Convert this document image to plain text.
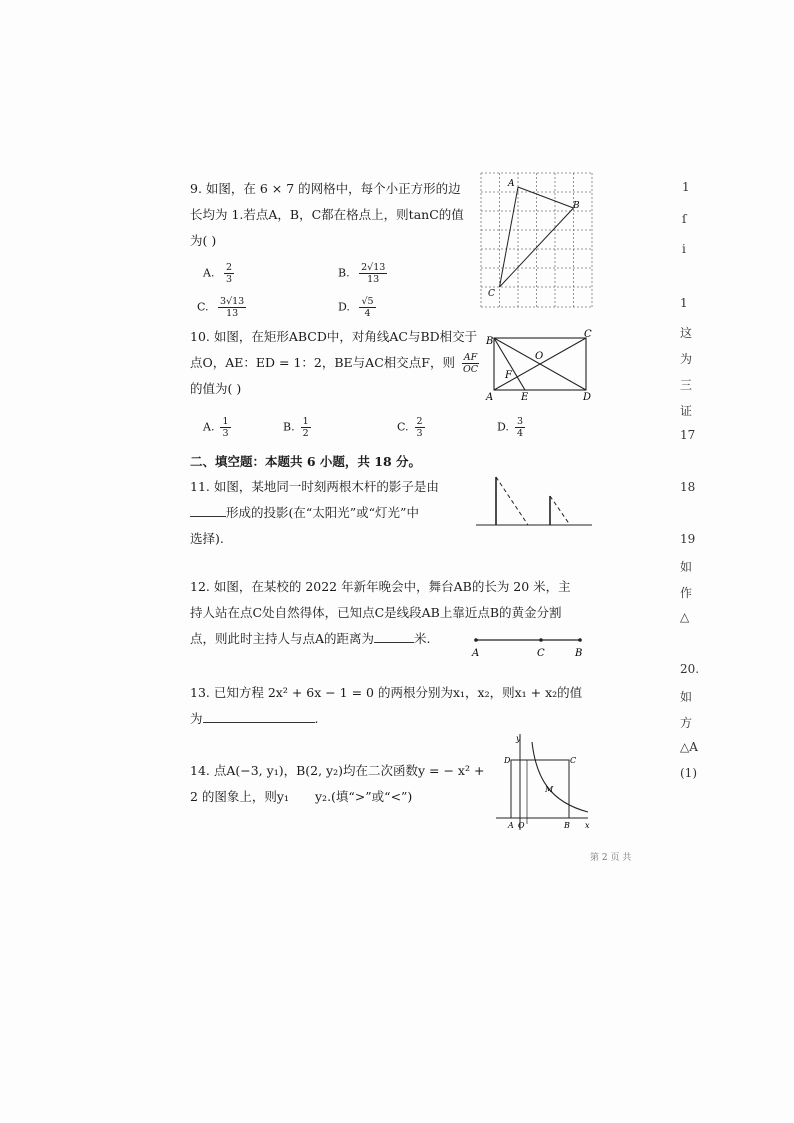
9. 如图，在 6 × 7 的网格中，每个小正方形的边

长均为 1.若点A，B，C都在格点上，则tanC的值

为( )

A. $\frac{2}{3}$	B. $\frac{2√13}{13}$
C. $\frac{3√13}{13}$	D. $\frac{√5}{4}$
A
B
C

10. 如图，在矩形ABCD中，对角线AC与BD相交于

点O，AE：ED = 1：2，BE与AC相交点F，则 $\frac{AF}{OC}$

的值为( )

A. $\frac{1}{3}$	B. $\frac{1}{2}$	C. $\frac{2}{3}$	D. $\frac{3}{4}$
B
C
A	D
E
F
O
二、填空题：本题共 6 小题，共 18 分。

11. 如图，某地同一时刻两根木杆的影子是由

形成的投影(在“太阳光”或“灯光”中

选择).

12. 如图，在某校的 2022 年新年晚会中，舞台AB的长为 20 米，主

持人站在点C处自然得体，已知点C是线段AB上靠近点B的黄金分割

点，则此时主持人与点A的距离为	米.

A	C	B

13. 已知方程 2x² + 6x − 1 = 0 的两根分别为x₁，x₂，则x₁ + x₂的值

为	.

14. 点A(−3, y₁)，B(2, y₂)均在二次函数y = − x² +

2 的图象上，则y₁ y₂.(填“>”或“<”)

y
x
D	C
M
A O	B
1
ſ
i
1
这
为
三
证
17
18
19
如
作
△
20.
如
方
△A
(1)
第 2 页 共
